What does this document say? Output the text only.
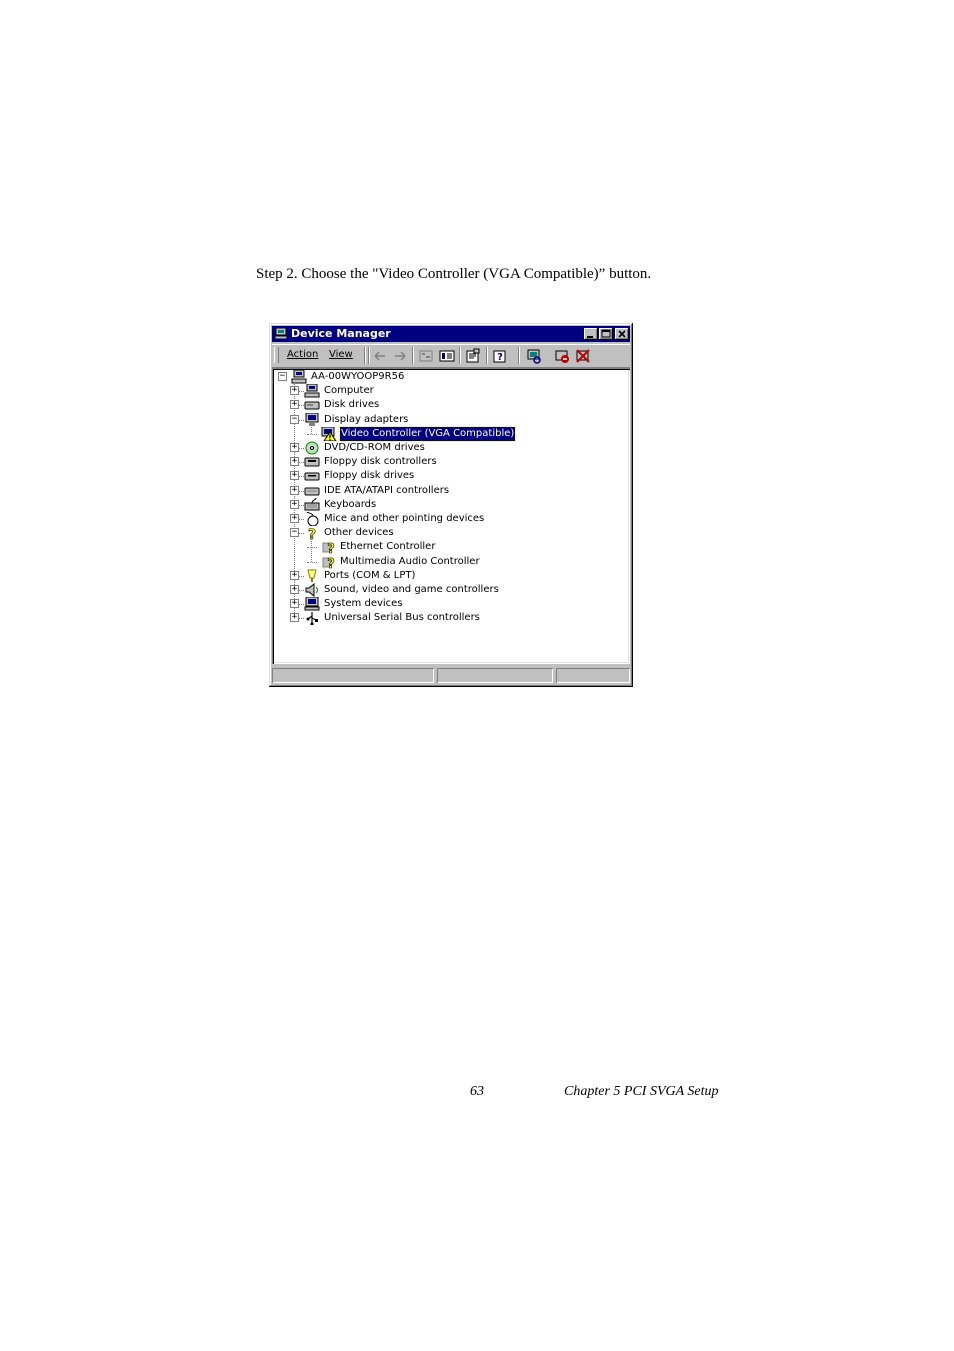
Step 2. Choose the "Video Controller (VGA Compatible)” button.
Device Manager
Action View	?
−	AA-00WYOOP9R56
+	Computer
+	Disk drives
−	Display adapters
! Video Controller (VGA Compatible)
+	DVD/CD-ROM drives
+	Floppy disk controllers
+	Floppy disk drives
+	IDE ATA/ATAPI controllers
+	Keyboards
+	Mice and other pointing devices
− ? Other devices
? Ethernet Controller
? Multimedia Audio Controller
+	Ports (COM & LPT)
+	Sound, video and game controllers
+	System devices
+	Universal Serial Bus controllers
63	Chapter 5 PCI SVGA Setup
